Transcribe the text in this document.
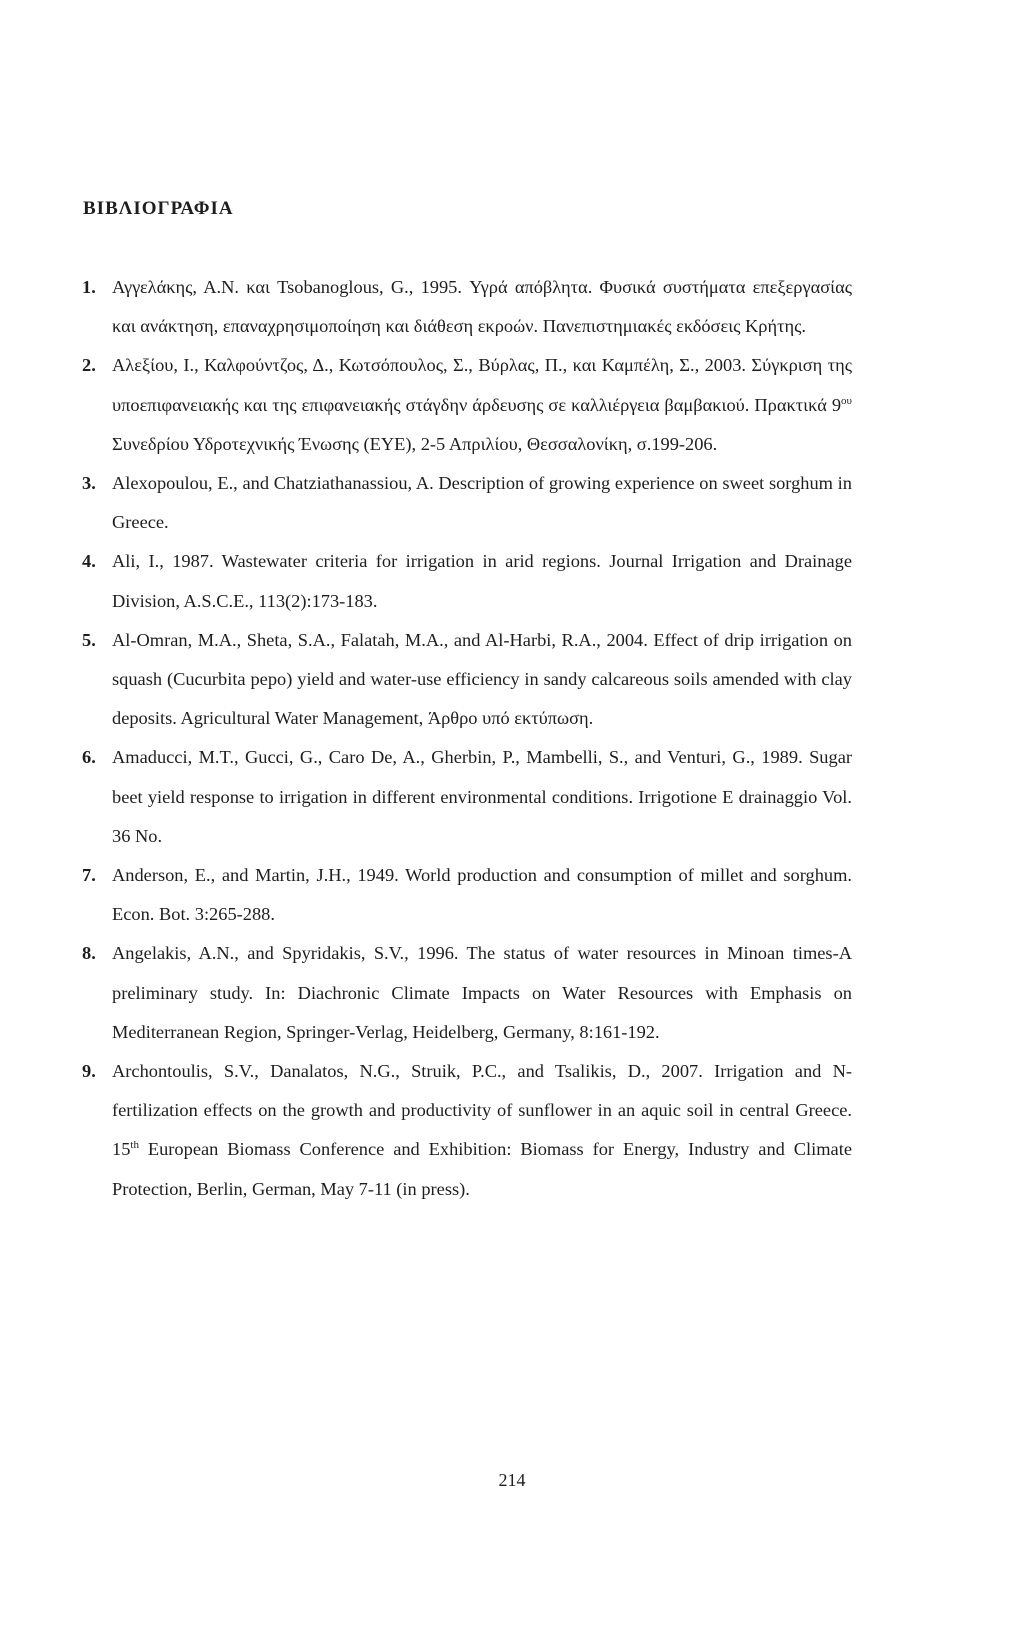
ΒΙΒΛΙΟΓΡΑΦΙΑ
1. Αγγελάκης, Α.Ν. και Tsobanoglous, G., 1995. Υγρά απόβλητα. Φυσικά συστήματα επεξεργασίας και ανάκτηση, επαναχρησιμοποίηση και διάθεση εκροών. Πανεπιστημιακές εκδόσεις Κρήτης.
2. Αλεξίου, Ι., Καλφούντζος, Δ., Κωτσόπουλος, Σ., Βύρλας, Π., και Καμπέλη, Σ., 2003. Σύγκριση της υποεπιφανειακής και της επιφανειακής στάγδην άρδευσης σε καλλιέργεια βαμβακιού. Πρακτικά $9^{o\upsilon}$ Συνεδρίου Υδροτεχνικής Ένωσης (ΕΥΕ), 2-5 Απριλίου, Θεσσαλονίκη, σ.199-206.
3. Alexopoulou, E., and Chatziathanassiou, A. Description of growing experience on sweet sorghum in Greece.
4. Ali, I., 1987. Wastewater criteria for irrigation in arid regions. Journal Irrigation and Drainage Division, A.S.C.E., 113(2):173-183.
5. Al-Omran, M.A., Sheta, S.A., Falatah, M.A., and Al-Harbi, R.A., 2004. Effect of drip irrigation on squash (Cucurbita pepo) yield and water-use efficiency in sandy calcareous soils amended with clay deposits. Agricultural Water Management, Άρθρο υπό εκτύπωση.
6. Amaducci, M.T., Gucci, G., Caro De, A., Gherbin, P., Mambelli, S., and Venturi, G., 1989. Sugar beet yield response to irrigation in different environmental conditions. Irrigotione E drainaggio Vol. 36 No.
7. Anderson, E., and Martin, J.H., 1949. World production and consumption of millet and sorghum. Econ. Bot. 3:265-288.
8. Angelakis, A.N., and Spyridakis, S.V., 1996. The status of water resources in Minoan times-A preliminary study. In: Diachronic Climate Impacts on Water Resources with Emphasis on Mediterranean Region, Springer-Verlag, Heidelberg, Germany, 8:161-192.
9. Archontoulis, S.V., Danalatos, N.G., Struik, P.C., and Tsalikis, D., 2007. Irrigation and N-fertilization effects on the growth and productivity of sunflower in an aquic soil in central Greece. 15th European Biomass Conference and Exhibition: Biomass for Energy, Industry and Climate Protection, Berlin, German, May 7-11 (in press).
214
